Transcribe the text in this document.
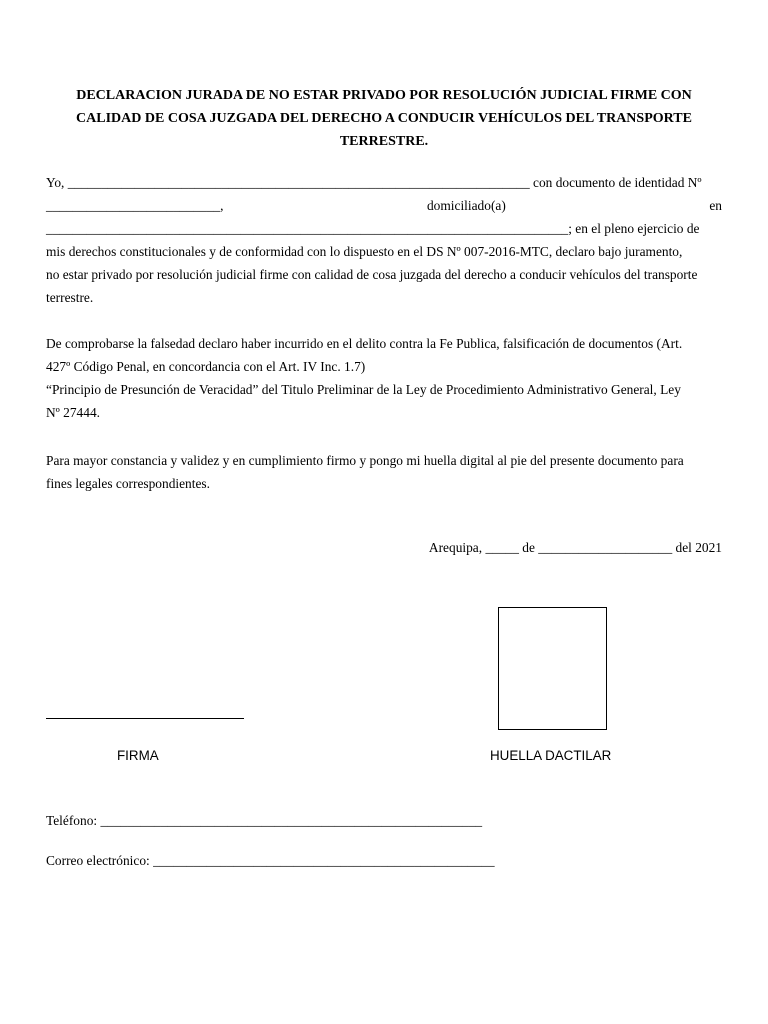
DECLARACION JURADA DE NO ESTAR PRIVADO POR RESOLUCIÓN JUDICIAL FIRME CON CALIDAD DE COSA JUZGADA DEL DERECHO A CONDUCIR VEHÍCULOS DEL TRANSPORTE TERRESTRE.
Yo, _____________________________________________________________________ con documento de identidad Nº
__________________________,	domiciliado(a)	en
______________________________________________________________________________; en el pleno ejercicio de
mis derechos constitucionales y de conformidad con lo dispuesto en el DS Nº 007-2016-MTC, declaro bajo juramento,
no estar privado por resolución judicial firme con calidad de cosa juzgada del derecho a conducir vehículos del transporte
terrestre.
De comprobarse la falsedad declaro haber incurrido en el delito contra la Fe Publica, falsificación de documentos (Art.
427º Código Penal, en concordancia con el Art. IV Inc. 1.7)
“Principio de Presunción de Veracidad” del Titulo Preliminar de la Ley de Procedimiento Administrativo General, Ley
Nº 27444.
Para mayor constancia y validez y en cumplimiento firmo y pongo mi huella digital al pie del presente documento para
fines legales correspondientes.
Arequipa, _____ de ____________________ del 2021
FIRMA	HUELLA DACTILAR
Teléfono: _________________________________________________________
Correo electrónico: ___________________________________________________
